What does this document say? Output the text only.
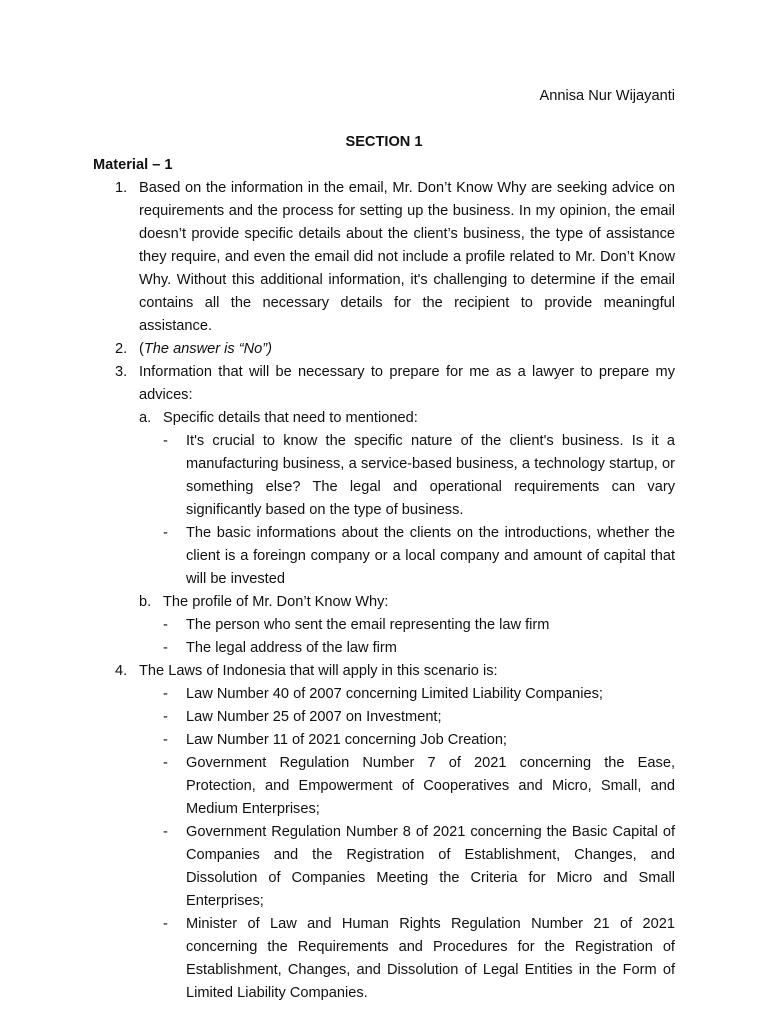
Annisa Nur Wijayanti

SECTION 1

Material – 1

1. Based on the information in the email, Mr. Don’t Know Why are seeking advice on requirements and the process for setting up the business. In my opinion, the email doesn’t provide specific details about the client’s business, the type of assistance they require, and even the email did not include a profile related to Mr. Don’t Know Why. Without this additional information, it's challenging to determine if the email contains all the necessary details for the recipient to provide meaningful assistance.
2. (The answer is “No”)
3. Information that will be necessary to prepare for me as a lawyer to prepare my advices:
a. Specific details that need to mentioned:
- It's crucial to know the specific nature of the client's business. Is it a manufacturing business, a service-based business, a technology startup, or something else? The legal and operational requirements can vary significantly based on the type of business.
- The basic informations about the clients on the introductions, whether the client is a foreingn company or a local company and amount of capital that will be invested
b. The profile of Mr. Don’t Know Why:
- The person who sent the email representing the law firm
- The legal address of the law firm
4. The Laws of Indonesia that will apply in this scenario is:
- Law Number 40 of 2007 concerning Limited Liability Companies;
- Law Number 25 of 2007 on Investment;
- Law Number 11 of 2021 concerning Job Creation;
- Government Regulation Number 7 of 2021 concerning the Ease, Protection, and Empowerment of Cooperatives and Micro, Small, and Medium Enterprises;
- Government Regulation Number 8 of 2021 concerning the Basic Capital of Companies and the Registration of Establishment, Changes, and Dissolution of Companies Meeting the Criteria for Micro and Small Enterprises;
- Minister of Law and Human Rights Regulation Number 21 of 2021 concerning the Requirements and Procedures for the Registration of Establishment, Changes, and Dissolution of Legal Entities in the Form of Limited Liability Companies.
